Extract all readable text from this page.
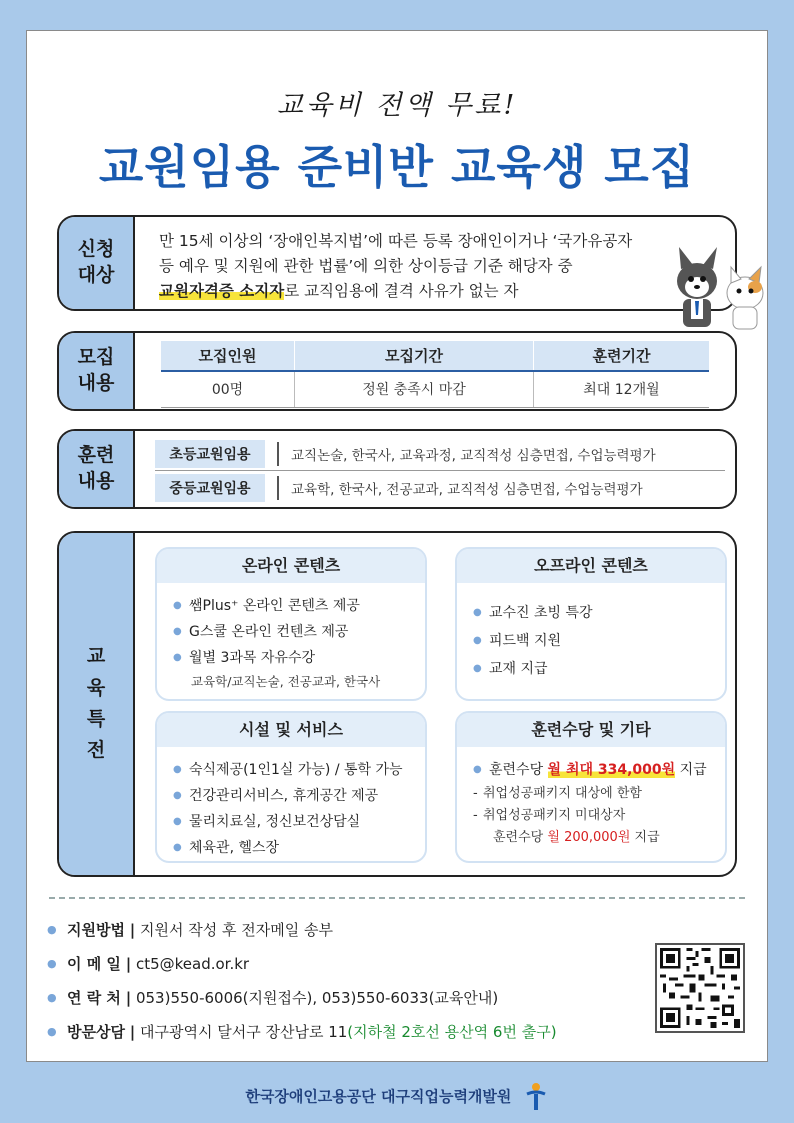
교육비 전액 무료!
교원임용 준비반 교육생 모집
신청
대상
만 15세 이상의 ‘장애인복지법’에 따른 등록 장애인이거나 ‘국가유공자
등 예우 및 지원에 관한 법률’에 의한 상이등급 기준 해당자 중
교원자격증 소지자로 교직임용에 결격 사유가 없는 자
모집
내용
모집인원	모집기간	훈련기간
00명	정원 충족시 마감	최대 12개월
훈련
내용
초등교원임용	교직논술, 한국사, 교육과정, 교직적성 심층면접, 수업능력평가
중등교원임용	교육학, 한국사, 전공교과, 교직적성 심층면접, 수업능력평가
교
육
특
전
온라인 콘텐츠
● 쌤Plus⁺ 온라인 콘텐츠 제공
● G스쿨 온라인 컨텐츠 제공
● 월별 3과목 자유수강
교육학/교직논술, 전공교과, 한국사
오프라인 콘텐츠
● 교수진 초빙 특강
● 피드백 지원
● 교재 지급
시설 및 서비스
● 숙식제공(1인1실 가능) / 통학 가능
● 건강관리서비스, 휴게공간 제공
● 물리치료실, 정신보건상담실
● 체육관, 헬스장
훈련수당 및 기타
● 훈련수당 월 최대 334,000원 지급
- 취업성공패키지 대상에 한함
- 취업성공패키지 미대상자
훈련수당 월 200,000원 지급
● 지원방법 | 지원서 작성 후 전자메일 송부
● 이 메 일 | ct5@kead.or.kr
● 연 락 처 | 053)550-6006(지원접수), 053)550-6033(교육안내)
● 방문상담 | 대구광역시 달서구 장산남로 11(지하철 2호선 용산역 6번 출구)
한국장애인고용공단 대구직업능력개발원
